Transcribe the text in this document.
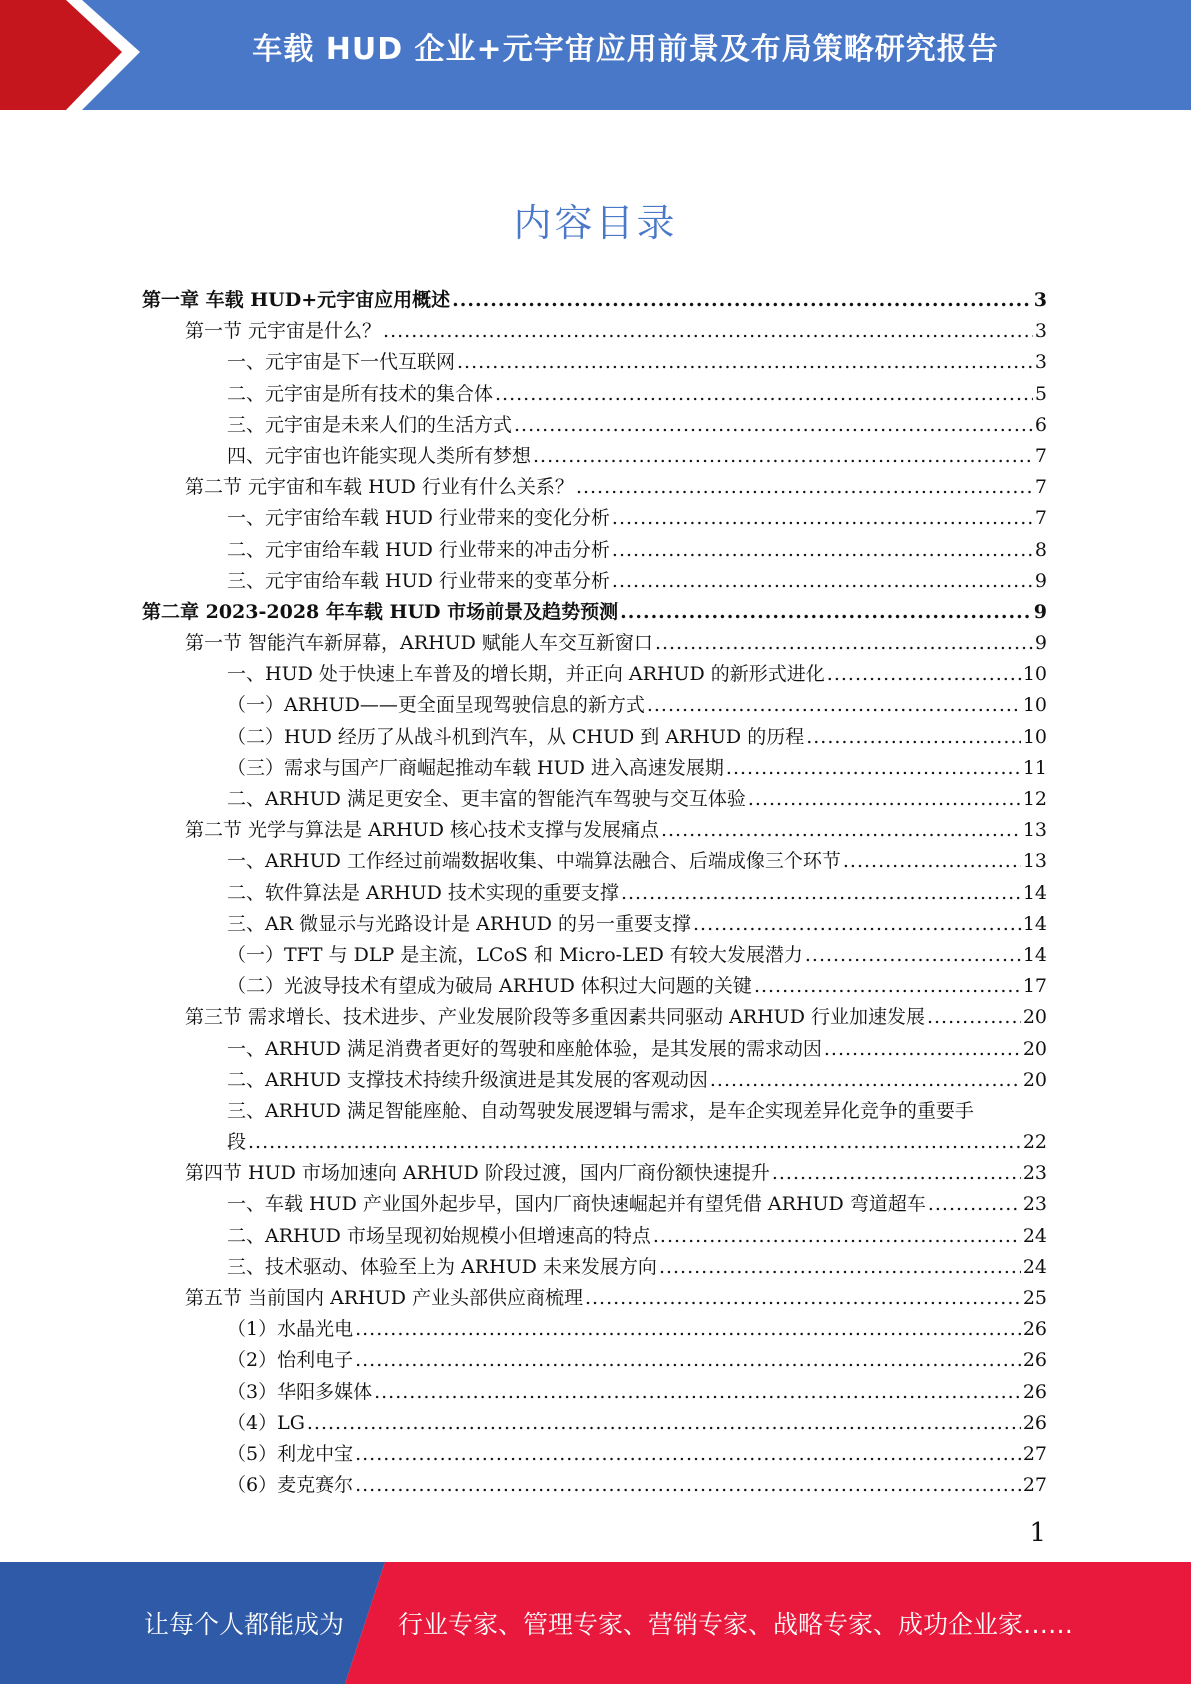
车载 HUD 企业+元宇宙应用前景及布局策略研究报告
内容目录
第一章 车载 HUD+元宇宙应用概述 .....	3
第一节 元宇宙是什么？ .....	3
一、元宇宙是下一代互联网 .....	3
二、元宇宙是所有技术的集合体 .....	5
三、元宇宙是未来人们的生活方式 .....	6
四、元宇宙也许能实现人类所有梦想 .....	7
第二节 元宇宙和车载 HUD 行业有什么关系？ .....	7
一、元宇宙给车载 HUD 行业带来的变化分析 .....	7
二、元宇宙给车载 HUD 行业带来的冲击分析 .....	8
三、元宇宙给车载 HUD 行业带来的变革分析 .....	9
第二章 2023-2028 年车载 HUD 市场前景及趋势预测 .....	9
第一节 智能汽车新屏幕，ARHUD 赋能人车交互新窗口 .....	9
一、HUD 处于快速上车普及的增长期，并正向 ARHUD 的新形式进化 .....	10
（一）ARHUD——更全面呈现驾驶信息的新方式 .....	10
（二）HUD 经历了从战斗机到汽车，从 CHUD 到 ARHUD 的历程 .....	10
（三）需求与国产厂商崛起推动车载 HUD 进入高速发展期 .....	11
二、ARHUD 满足更安全、更丰富的智能汽车驾驶与交互体验 .....	12
第二节 光学与算法是 ARHUD 核心技术支撑与发展痛点 .....	13
一、ARHUD 工作经过前端数据收集、中端算法融合、后端成像三个环节 .....	13
二、软件算法是 ARHUD 技术实现的重要支撑 .....	14
三、AR 微显示与光路设计是 ARHUD 的另一重要支撑 .....	14
（一）TFT 与 DLP 是主流，LCoS 和 Micro-LED 有较大发展潜力 .....	14
（二）光波导技术有望成为破局 ARHUD 体积过大问题的关键 .....	17
第三节 需求增长、技术进步、产业发展阶段等多重因素共同驱动 ARHUD 行业加速发展 .....	20
一、ARHUD 满足消费者更好的驾驶和座舱体验，是其发展的需求动因 .....	20
二、ARHUD 支撑技术持续升级演进是其发展的客观动因 .....	20
三、ARHUD 满足智能座舱、自动驾驶发展逻辑与需求，是车企实现差异化竞争的重要手
段 .....	22
第四节 HUD 市场加速向 ARHUD 阶段过渡，国内厂商份额快速提升 .....	23
一、车载 HUD 产业国外起步早，国内厂商快速崛起并有望凭借 ARHUD 弯道超车 .....	23
二、ARHUD 市场呈现初始规模小但增速高的特点 .....	24
三、技术驱动、体验至上为 ARHUD 未来发展方向 .....	24
第五节 当前国内 ARHUD 产业头部供应商梳理 .....	25
（1）水晶光电 .....	26
（2）怡利电子 .....	26
（3）华阳多媒体 .....	26
（4）LG .....	26
（5）利龙中宝 .....	27
（6）麦克赛尔 .....	27
1
让每个人都能成为 行业专家、管理专家、营销专家、战略专家、成功企业家……
